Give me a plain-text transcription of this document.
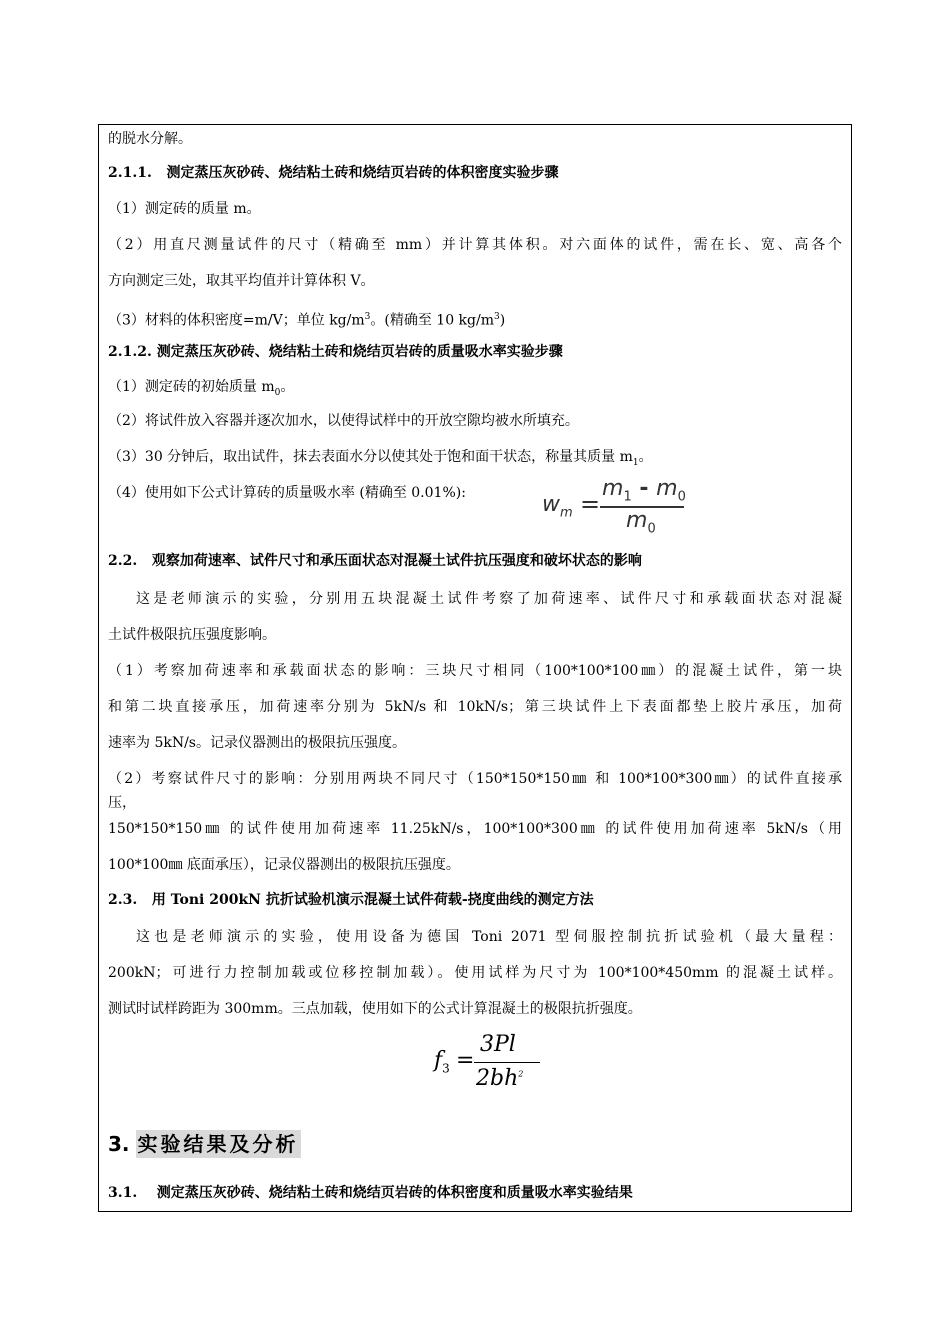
的脱水分解。
2.1.1.   测定蒸压灰砂砖、烧结粘土砖和烧结页岩砖的体积密度实验步骤
（1）测定砖的质量 m。
（2）用直尺测量试件的尺寸（精确至 mm）并计算其体积。对六面体的试件，需在长、宽、高各个
方向测定三处，取其平均值并计算体积 V。
（3）材料的体积密度=m/V；单位 $kg/m^3$。(精确至 10 $kg/m^3$)
2.1.2. 测定蒸压灰砂砖、烧结粘土砖和烧结页岩砖的质量吸水率实验步骤
（1）测定砖的初始质量 $m_0$。
（2）将试件放入容器并逐次加水，以使得试样中的开放空隙均被水所填充。
（3）30 分钟后，取出试件，抹去表面水分以使其处于饱和面干状态，称量其质量 $m_1$。
（4）使用如下公式计算砖的质量吸水率 (精确至 0.01%):	$w_m$ =
$m_1 - m_0$
$m_0$
2.2.   观察加荷速率、试件尺寸和承压面状态对混凝土试件抗压强度和破坏状态的影响
这是老师演示的实验，分别用五块混凝土试件考察了加荷速率、试件尺寸和承载面状态对混凝
土试件极限抗压强度影响。
（1）考察加荷速率和承载面状态的影响：三块尺寸相同（100*100*100㎜）的混凝土试件，第一块
和第二块直接承压，加荷速率分别为 5kN/s 和 10kN/s；第三块试件上下表面都垫上胶片承压，加荷
速率为 5kN/s。记录仪器测出的极限抗压强度。
（2）考察试件尺寸的影响：分别用两块不同尺寸（150*150*150㎜ 和 100*100*300㎜）的试件直接承
压，
150*150*150㎜ 的试件使用加荷速率 11.25kN/s，100*100*300㎜ 的试件使用加荷速率 5kN/s（用
100*100㎜ 底面承压），记录仪器测出的极限抗压强度。
2.3.   用 Toni 200kN 抗折试验机演示混凝土试件荷载-挠度曲线的测定方法
这也是老师演示的实验，使用设备为德国 Toni 2071 型伺服控制抗折试验机（最大量程：
200kN；可进行力控制加载或位移控制加载）。使用试样为尺寸为 100*100*450mm 的混凝土试样。
测试时试样跨距为 300mm。三点加载，使用如下的公式计算混凝土的极限抗折强度。
$f_3$ =
3Pl
$2bh^2$
3. 实验结果及分析
3.1.    测定蒸压灰砂砖、烧结粘土砖和烧结页岩砖的体积密度和质量吸水率实验结果
